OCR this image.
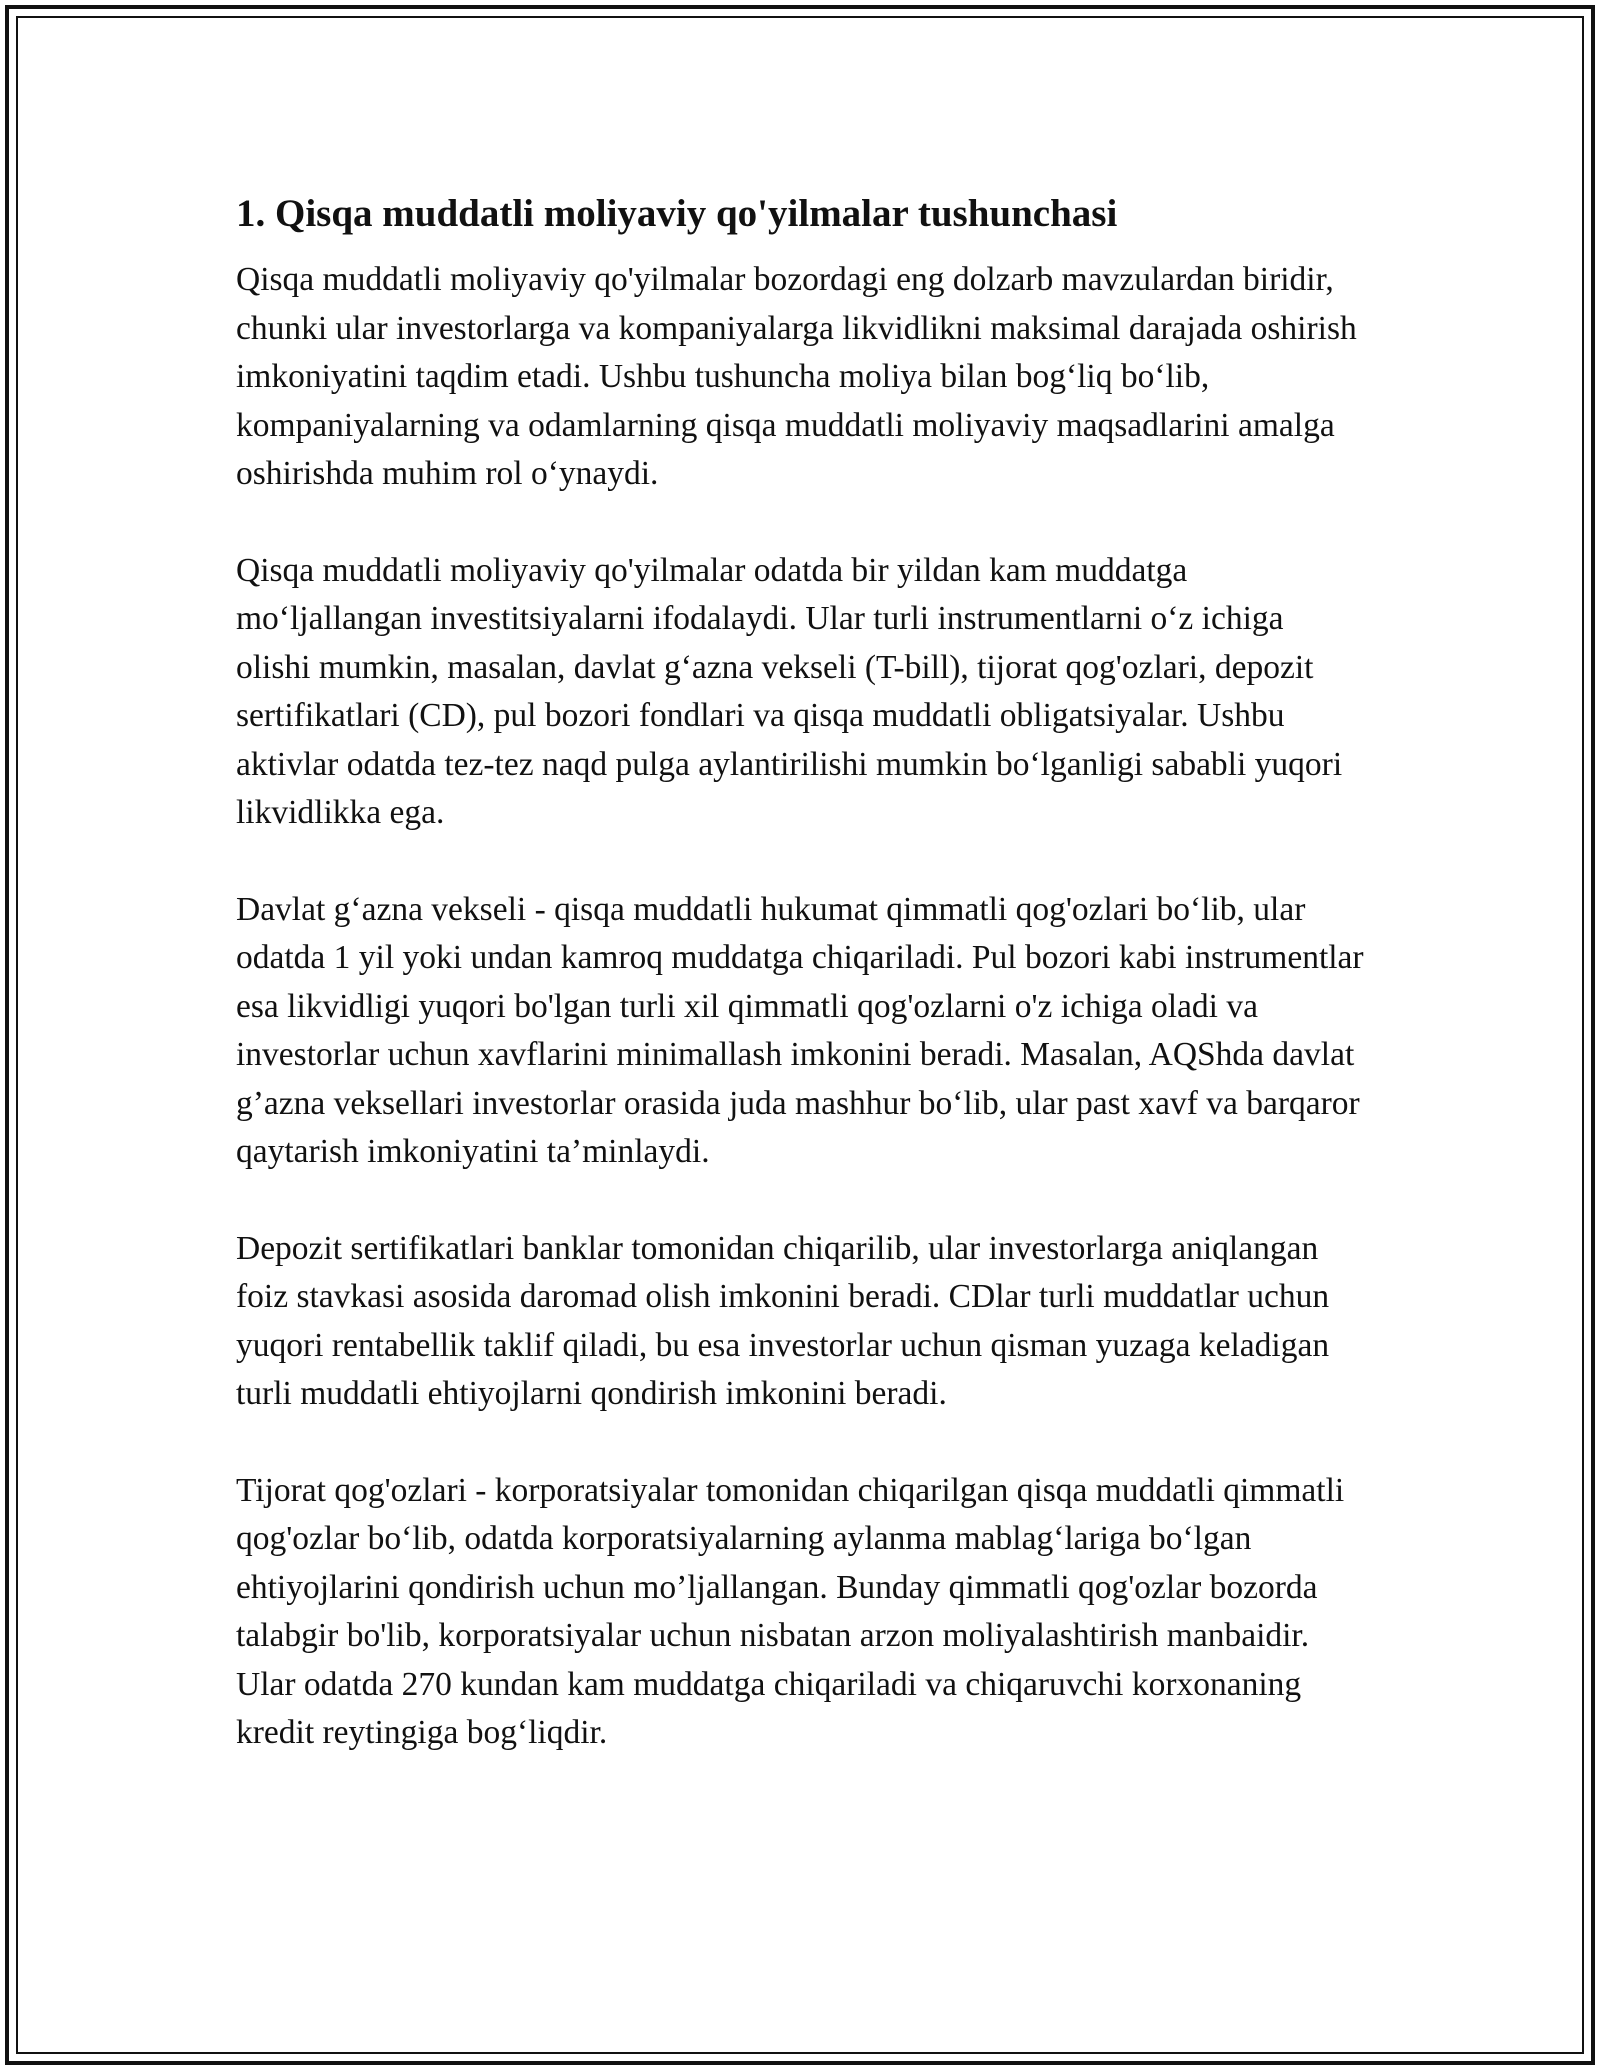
1. Qisqa muddatli moliyaviy qo'yilmalar tushunchasi

Qisqa muddatli moliyaviy qo'yilmalar bozordagi eng dolzarb mavzulardan biridir, chunki ular investorlarga va kompaniyalarga likvidlikni maksimal darajada oshirish imkoniyatini taqdim etadi. Ushbu tushuncha moliya bilan bog‘liq bo‘lib, kompaniyalarning va odamlarning qisqa muddatli moliyaviy maqsadlarini amalga oshirishda muhim rol o‘ynaydi.

Qisqa muddatli moliyaviy qo'yilmalar odatda bir yildan kam muddatga mo‘ljallangan investitsiyalarni ifodalaydi. Ular turli instrumentlarni o‘z ichiga olishi mumkin, masalan, davlat g‘azna vekseli (T-bill), tijorat qog'ozlari, depozit sertifikatlari (CD), pul bozori fondlari va qisqa muddatli obligatsiyalar. Ushbu aktivlar odatda tez-tez naqd pulga aylantirilishi mumkin bo‘lganligi sababli yuqori likvidlikka ega.

Davlat g‘azna vekseli - qisqa muddatli hukumat qimmatli qog'ozlari bo‘lib, ular odatda 1 yil yoki undan kamroq muddatga chiqariladi. Pul bozori kabi instrumentlar esa likvidligi yuqori bo'lgan turli xil qimmatli qog'ozlarni o'z ichiga oladi va investorlar uchun xavflarini minimallash imkonini beradi. Masalan, AQShda davlat g’azna veksellari investorlar orasida juda mashhur bo‘lib, ular past xavf va barqaror qaytarish imkoniyatini ta’minlaydi.

Depozit sertifikatlari banklar tomonidan chiqarilib, ular investorlarga aniqlangan foiz stavkasi asosida daromad olish imkonini beradi. CDlar turli muddatlar uchun yuqori rentabellik taklif qiladi, bu esa investorlar uchun qisman yuzaga keladigan turli muddatli ehtiyojlarni qondirish imkonini beradi.

Tijorat qog'ozlari - korporatsiyalar tomonidan chiqarilgan qisqa muddatli qimmatli qog'ozlar bo‘lib, odatda korporatsiyalarning aylanma mablag‘lariga bo‘lgan ehtiyojlarini qondirish uchun mo’ljallangan. Bunday qimmatli qog'ozlar bozorda talabgir bo'lib, korporatsiyalar uchun nisbatan arzon moliyalashtirish manbaidir. Ular odatda 270 kundan kam muddatga chiqariladi va chiqaruvchi korxonaning kredit reytingiga bog‘liqdir.
